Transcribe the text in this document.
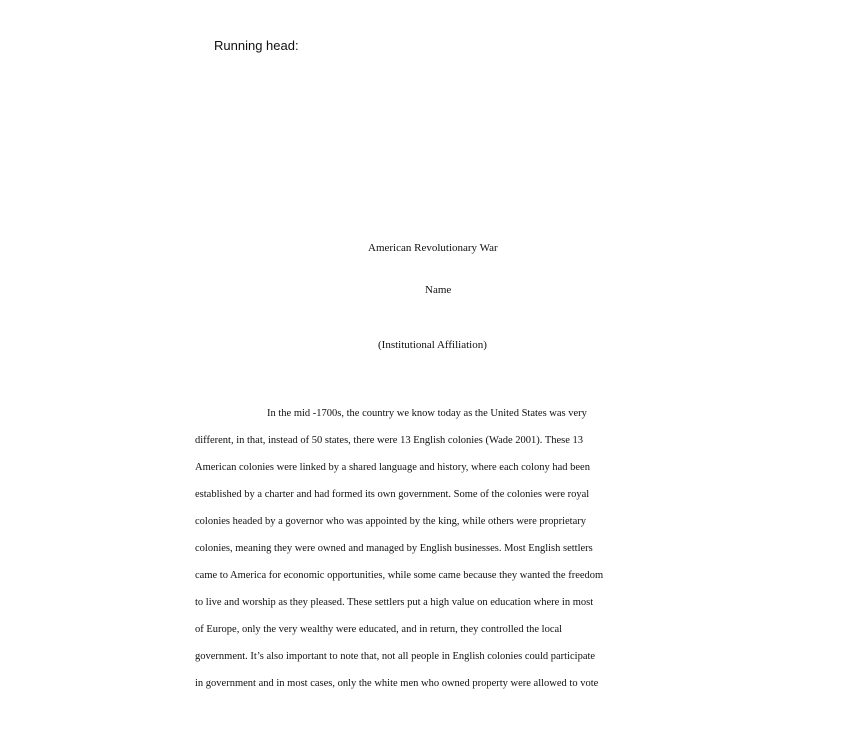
Running head:
American Revolutionary War
Name
(Institutional Affiliation)
In the mid -1700s, the country we know today as the United States was very
different, in that, instead of 50 states, there were 13 English colonies (Wade 2001). These 13
American colonies were linked by a shared language and history, where each colony had been
established by a charter and had formed its own government. Some of the colonies were royal
colonies headed by a governor who was appointed by the king, while others were proprietary
colonies, meaning they were owned and managed by English businesses. Most English settlers
came to America for economic opportunities, while some came because they wanted the freedom
to live and worship as they pleased. These settlers put a high value on education where in most
of Europe, only the very wealthy were educated, and in return, they controlled the local
government. It’s also important to note that, not all people in English colonies could participate
in government and in most cases, only the white men who owned property were allowed to vote
